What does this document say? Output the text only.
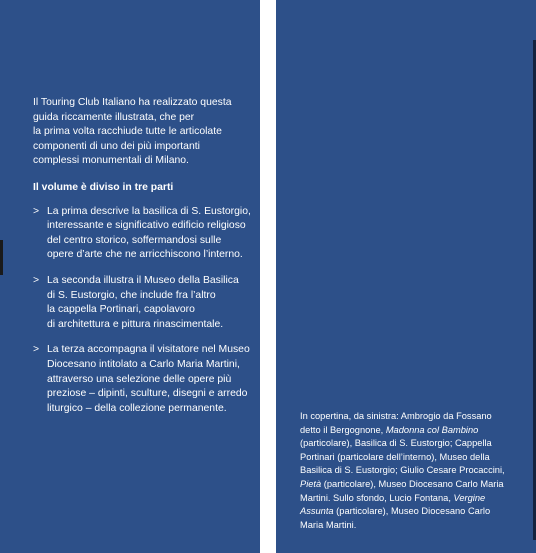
Il Touring Club Italiano ha realizzato questa
guida riccamente illustrata, che per
la prima volta racchiude tutte le articolate
componenti di uno dei più importanti
complessi monumentali di Milano.

Il volume è diviso in tre parti

> La prima descrive la basilica di S. Eustorgio,
interessante e significativo edificio religioso
del centro storico, soffermandosi sulle
opere d’arte che ne arricchiscono l’interno.

> La seconda illustra il Museo della Basilica
di S. Eustorgio, che include fra l’altro
la cappella Portinari, capolavoro
di architettura e pittura rinascimentale.

> La terza accompagna il visitatore nel Museo
Diocesano intitolato a Carlo Maria Martini,
attraverso una selezione delle opere più
preziose – dipinti, sculture, disegni e arredo
liturgico – della collezione permanente.

In copertina, da sinistra: Ambrogio da Fossano
detto il Bergognone, Madonna col Bambino
(particolare), Basilica di S. Eustorgio; Cappella
Portinari (particolare dell’interno), Museo della
Basilica di S. Eustorgio; Giulio Cesare Procaccini,
Pietà (particolare), Museo Diocesano Carlo Maria
Martini. Sullo sfondo, Lucio Fontana, Vergine
Assunta (particolare), Museo Diocesano Carlo
Maria Martini.
